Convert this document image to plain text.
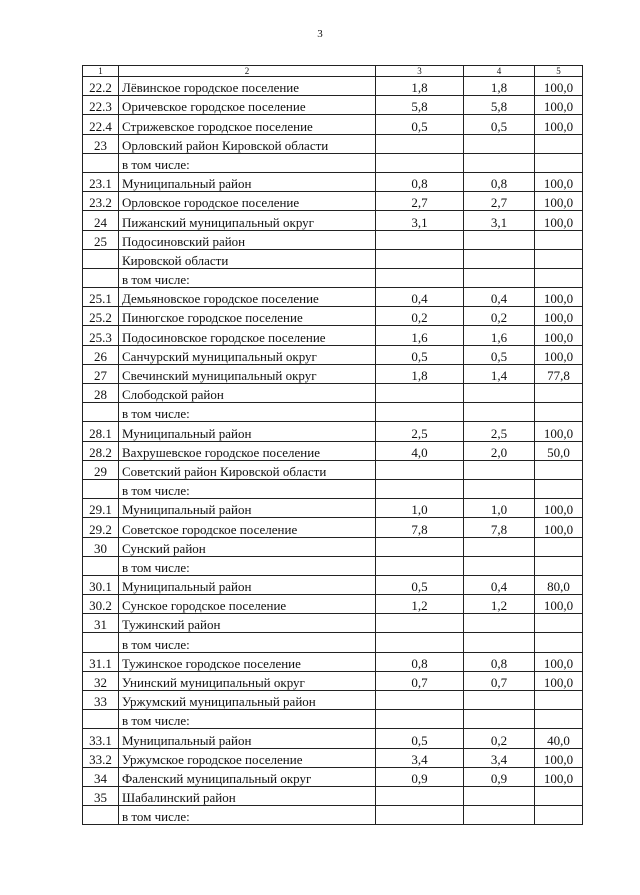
3
1	2	3	4	5
22.2	Лёвинское городское поселение	1,8	1,8	100,0
22.3	Оричевское городское поселение	5,8	5,8	100,0
22.4	Стрижевское городское поселение	0,5	0,5	100,0
23	Орловский район Кировской области			
	в том числе:			
23.1	Муниципальный район	0,8	0,8	100,0
23.2	Орловское городское поселение	2,7	2,7	100,0
24	Пижанский муниципальный округ	3,1	3,1	100,0
25	Подосиновский район			
	Кировской области			
	в том числе:			
25.1	Демьяновское городское поселение	0,4	0,4	100,0
25.2	Пинюгское городское поселение	0,2	0,2	100,0
25.3	Подосиновское городское поселение	1,6	1,6	100,0
26	Санчурский муниципальный округ	0,5	0,5	100,0
27	Свечинский муниципальный округ	1,8	1,4	77,8
28	Слободской район			
	в том числе:			
28.1	Муниципальный район	2,5	2,5	100,0
28.2	Вахрушевское городское поселение	4,0	2,0	50,0
29	Советский район Кировской области			
	в том числе:			
29.1	Муниципальный район	1,0	1,0	100,0
29.2	Советское городское поселение	7,8	7,8	100,0
30	Сунский район			
	в том числе:			
30.1	Муниципальный район	0,5	0,4	80,0
30.2	Сунское городское поселение	1,2	1,2	100,0
31	Тужинский район			
	в том числе:			
31.1	Тужинское городское поселение	0,8	0,8	100,0
32	Унинский муниципальный округ	0,7	0,7	100,0
33	Уржумский муниципальный район			
	в том числе:			
33.1	Муниципальный район	0,5	0,2	40,0
33.2	Уржумское городское поселение	3,4	3,4	100,0
34	Фаленский муниципальный округ	0,9	0,9	100,0
35	Шабалинский район			
	в том числе:			
